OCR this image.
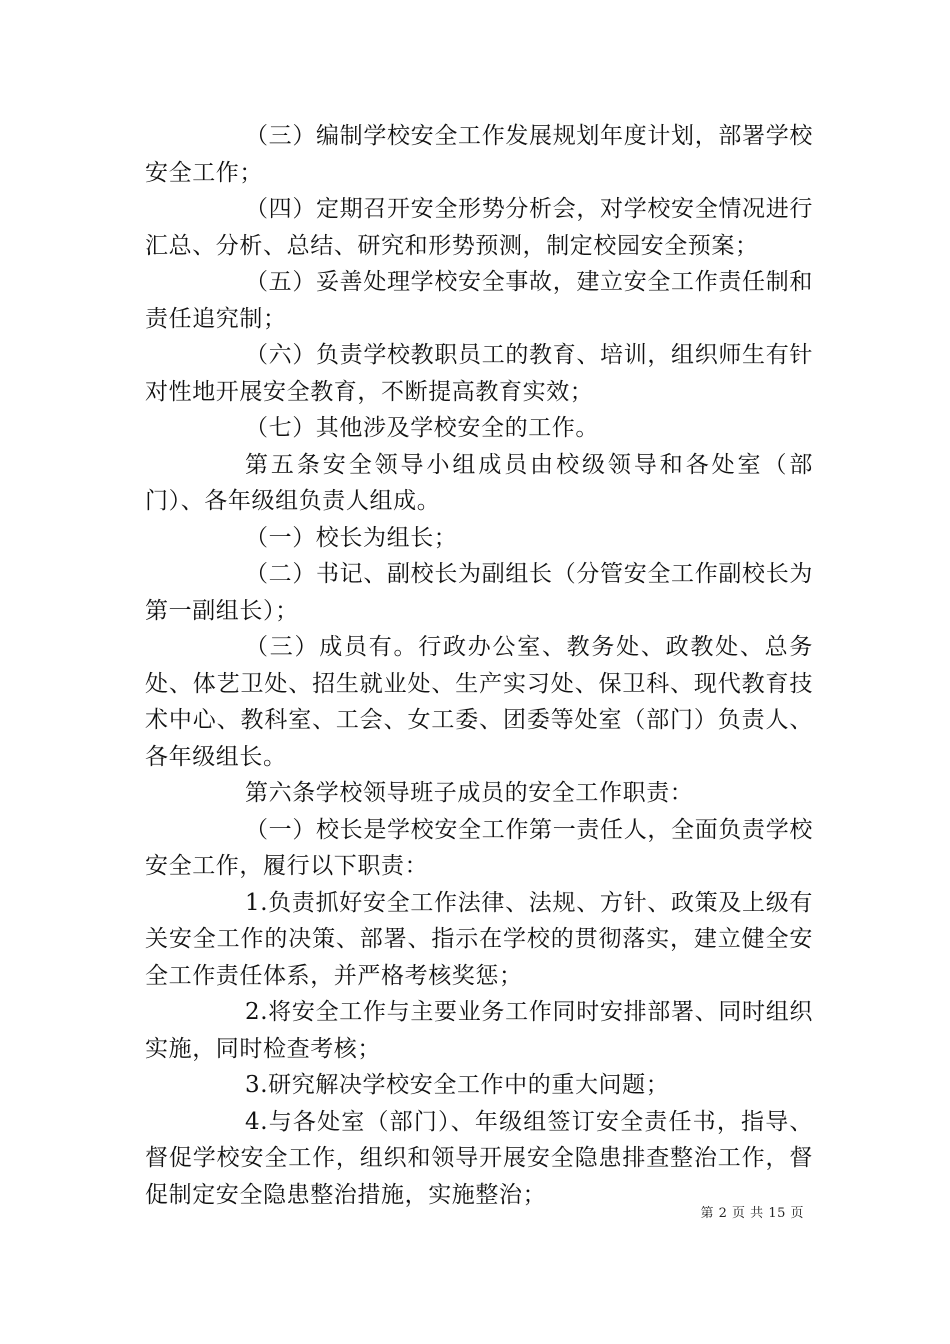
（三）编制学校安全工作发展规划年度计划，部署学校安全工作；

（四）定期召开安全形势分析会，对学校安全情况进行汇总、分析、总结、研究和形势预测，制定校园安全预案；

（五）妥善处理学校安全事故，建立安全工作责任制和责任追究制；

（六）负责学校教职员工的教育、培训，组织师生有针对性地开展安全教育，不断提高教育实效；

（七）其他涉及学校安全的工作。

第五条安全领导小组成员由校级领导和各处室（部门）、各年级组负责人组成。

（一）校长为组长；

（二）书记、副校长为副组长（分管安全工作副校长为第一副组长）；

（三）成员有。行政办公室、教务处、政教处、总务处、体艺卫处、招生就业处、生产实习处、保卫科、现代教育技术中心、教科室、工会、女工委、团委等处室（部门）负责人、各年级组长。

第六条学校领导班子成员的安全工作职责：

（一）校长是学校安全工作第一责任人，全面负责学校安全工作，履行以下职责：

1.负责抓好安全工作法律、法规、方针、政策及上级有关安全工作的决策、部署、指示在学校的贯彻落实，建立健全安全工作责任体系，并严格考核奖惩；

2.将安全工作与主要业务工作同时安排部署、同时组织实施，同时检查考核；

3.研究解决学校安全工作中的重大问题；

4.与各处室（部门）、年级组签订安全责任书，指导、督促学校安全工作，组织和领导开展安全隐患排查整治工作，督促制定安全隐患整治措施，实施整治；

第 2 页 共 15 页
